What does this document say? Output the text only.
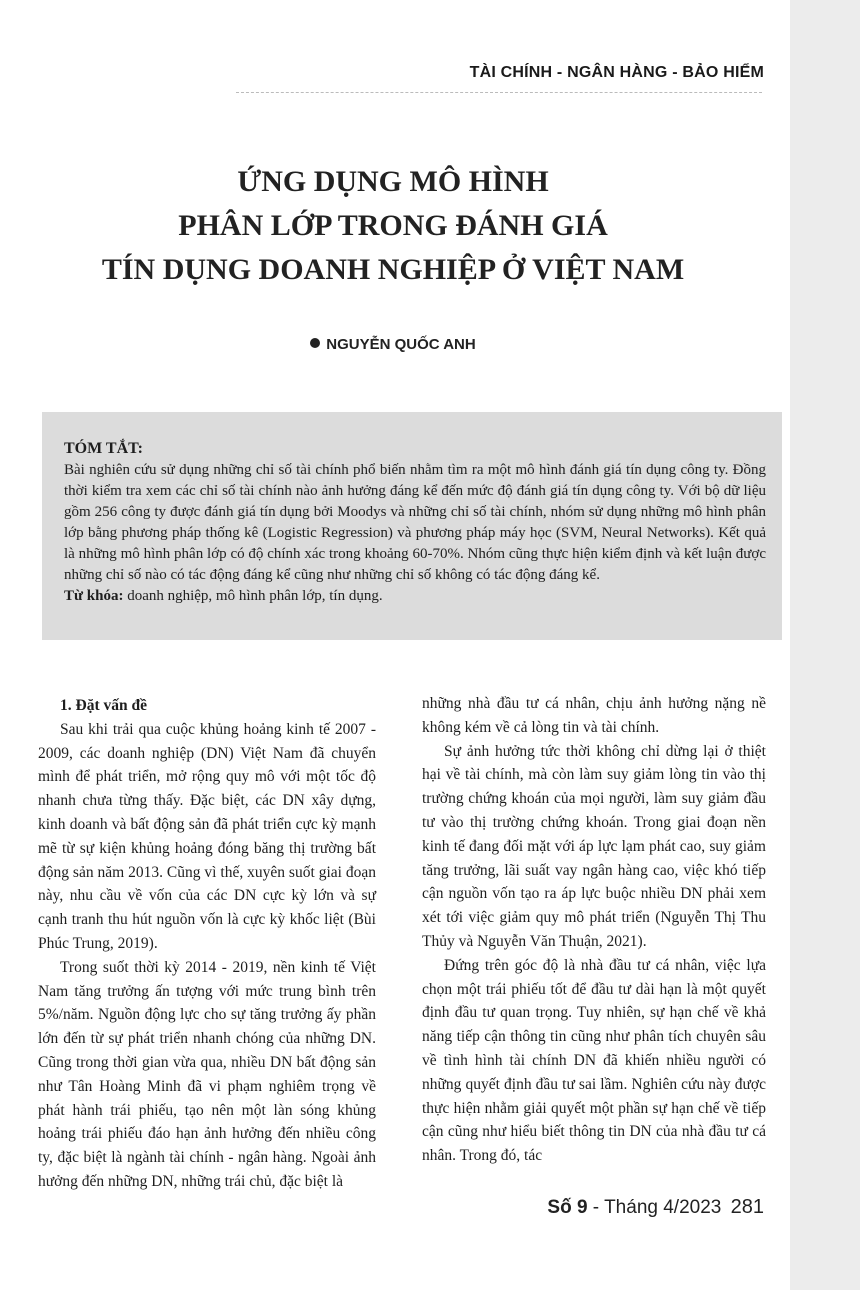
TÀI CHÍNH - NGÂN HÀNG - BẢO HIỂM
ỨNG DỤNG MÔ HÌNH
PHÂN LỚP TRONG ĐÁNH GIÁ
TÍN DỤNG DOANH NGHIỆP Ở VIỆT NAM
NGUYỄN QUỐC ANH
TÓM TẮT:
Bài nghiên cứu sử dụng những chỉ số tài chính phổ biến nhằm tìm ra một mô hình đánh giá tín dụng công ty. Đồng thời kiểm tra xem các chỉ số tài chính nào ảnh hưởng đáng kể đến mức độ đánh giá tín dụng công ty. Với bộ dữ liệu gồm 256 công ty được đánh giá tín dụng bởi Moodys và những chỉ số tài chính, nhóm sử dụng những mô hình phân lớp bằng phương pháp thống kê (Logistic Regression) và phương pháp máy học (SVM, Neural Networks). Kết quả là những mô hình phân lớp có độ chính xác trong khoảng 60-70%. Nhóm cũng thực hiện kiểm định và kết luận được những chỉ số nào có tác động đáng kể cũng như những chỉ số không có tác động đáng kể.
Từ khóa: doanh nghiệp, mô hình phân lớp, tín dụng.

1. Đặt vấn đề

Sau khi trải qua cuộc khủng hoảng kinh tế 2007 - 2009, các doanh nghiệp (DN) Việt Nam đã chuyển mình để phát triển, mở rộng quy mô với một tốc độ nhanh chưa từng thấy. Đặc biệt, các DN xây dựng, kinh doanh và bất động sản đã phát triển cực kỳ mạnh mẽ từ sự kiện khủng hoảng đóng băng thị trường bất động sản năm 2013. Cũng vì thế, xuyên suốt giai đoạn này, nhu cầu về vốn của các DN cực kỳ lớn và sự cạnh tranh thu hút nguồn vốn là cực kỳ khốc liệt (Bùi Phúc Trung, 2019).

Trong suốt thời kỳ 2014 - 2019, nền kinh tế Việt Nam tăng trưởng ấn tượng với mức trung bình trên 5%/năm. Nguồn động lực cho sự tăng trưởng ấy phần lớn đến từ sự phát triển nhanh chóng của những DN. Cũng trong thời gian vừa qua, nhiều DN bất động sản như Tân Hoàng Minh đã vi phạm nghiêm trọng về phát hành trái phiếu, tạo nên một làn sóng khủng hoảng trái phiếu đáo hạn ảnh hưởng đến nhiều công ty, đặc biệt là ngành tài chính - ngân hàng. Ngoài ảnh hưởng đến những DN, những trái chủ, đặc biệt là

những nhà đầu tư cá nhân, chịu ảnh hưởng nặng nề không kém về cả lòng tin và tài chính.

Sự ảnh hưởng tức thời không chỉ dừng lại ở thiệt hại về tài chính, mà còn làm suy giảm lòng tin vào thị trường chứng khoán của mọi người, làm suy giảm đầu tư vào thị trường chứng khoán. Trong giai đoạn nền kinh tế đang đối mặt với áp lực lạm phát cao, suy giảm tăng trưởng, lãi suất vay ngân hàng cao, việc khó tiếp cận nguồn vốn tạo ra áp lực buộc nhiều DN phải xem xét tới việc giảm quy mô phát triển (Nguyễn Thị Thu Thủy và Nguyễn Văn Thuận, 2021).

Đứng trên góc độ là nhà đầu tư cá nhân, việc lựa chọn một trái phiếu tốt để đầu tư dài hạn là một quyết định đầu tư quan trọng. Tuy nhiên, sự hạn chế về khả năng tiếp cận thông tin cũng như phân tích chuyên sâu về tình hình tài chính DN đã khiến nhiều người có những quyết định đầu tư sai lầm. Nghiên cứu này được thực hiện nhằm giải quyết một phần sự hạn chế về tiếp cận cũng như hiểu biết thông tin DN của nhà đầu tư cá nhân. Trong đó, tác

Số 9 - Tháng 4/2023 281
